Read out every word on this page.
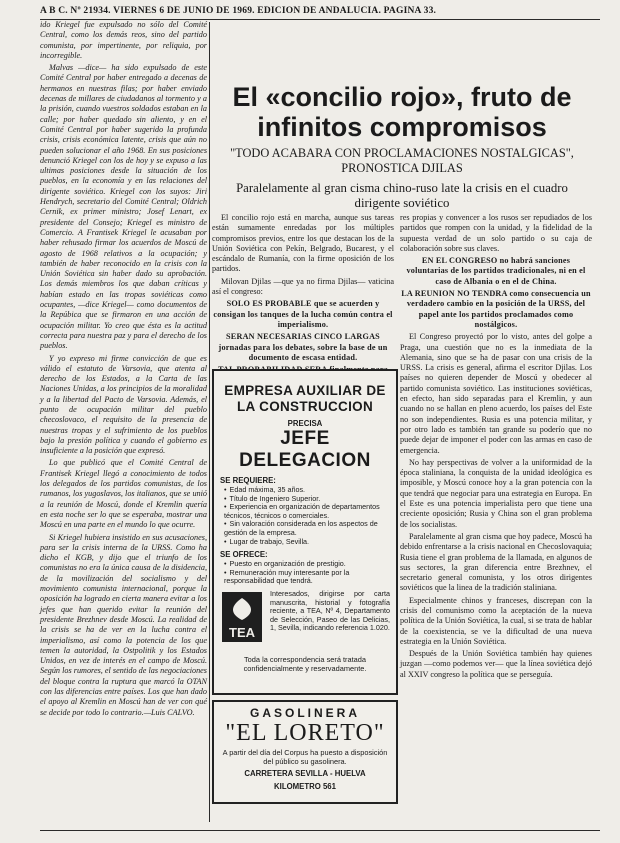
A B C. Nº 21934. VIERNES 6 DE JUNIO DE 1969. EDICION DE ANDALUCIA. PAGINA 33.

ido Kriegel fue expulsado no sólo del Comité Central, como los demás reos, sino del partido comunista, por impertinente, por reliquia, por incorregible.

Malvas —dice— ha sido expulsado de este Comité Central por haber entregado a decenas de hermanos en nuestras filas; por haber enviado decenas de millares de ciudadanos al tormento y a la prisión, cuando vuestros soldados estaban en la calle; por haber quedado sin aliento, y en el Comité Central por haber sugerido la profunda crisis, crisis económica latente, crisis que aún no pueden solucionar el año 1968. En sus posiciones denunció Kriegel con los de hoy y se expuso a las ultimas posiciones desde la situación de los pueblos, en la economía y en las relaciones del dirigente soviético. Kriegel con los suyos: Jiri Hendrych, secretario del Comité Central; Oldrich Cernik, ex primer ministro; Josef Lenart, ex presidente del Consejo; Kriegel es ministro de Comercio. A Frantisek Kriegel le acusaban por haber rehusado firmar los acuerdos de Moscú de agosto de 1968 relativos a la ocupación; y también de haber reconocido en la crisis con la Unión Soviética sin haber dado su aprobación. Los demás miembros los que daban críticas y habían estado en las tropas soviéticas como ocupantes, —dice Kriegel— como documentos de la Repúbica que se firmaron en una acción de ocupación militar. Yo creo que ésta es la actitud correcta para nuestra paz y para el derecho de los pueblos.

Y yo expreso mi firme convicción de que es válido el estatuto de Varsovia, que atenta al derecho de los Estados, a la Carta de las Naciones Unidas, a los principios de la moralidad y a la libertad del Pacto de Varsovia. Además, el punto de ocupación militar del pueblo checoslovaco, el requisito de la presencia de nuestras tropas y el sufrimiento de los pueblos bajo la presión política y cuando el gobierno es insuficiente a la posición que expresó.

Lo que publicó que el Comité Central de Frantisek Kriegel llegó a conocimiento de todos los delegados de los partidos comunistas, de los rumanos, los yugoslavos, los italianos, que se unió a la reunión de Moscú, donde el Kremlin quería en esta noche ser lo que se esperaba, mostrar una Moscú en una parte en el mundo lo que ocurre.

Si Kriegel hubiera insistido en sus acusaciones, para ser la crisis interna de la URSS. Como ha dicho el KGB, y dijo que el triunfo de los comunistas no era la única causa de la disidencia, de la movilización del socialismo y del movimiento comunista internacional, porque la oposición ha logrado en cierta manera evitar a los jefes que han querido evitar la reunión del presidente Brezhnev desde Moscú. La realidad de la crisis se ha de ver en la lucha contra el imperialismo, así como la potencia de los que temen la autoridad, la Ostpolitik y los Estados Unidos, en vez de interés en el campo de Moscú. Según los rumores, el sentido de las negociaciones del bloque contra la ruptura que marcó la OTAN con las diferencias entre países. Los que han dado el apoyo al Kremlin en Moscú han de ver con qué se decide por todo lo contrario.—Luis CALVO.

El «concilio rojo», fruto de infinitos compromisos
"TODO ACABARA CON PROCLAMACIONES NOSTALGICAS", PRONOSTICA DJILAS
Paralelamente al gran cisma chino-ruso late la crisis en el cuadro dirigente soviético

El concilio rojo está en marcha, aunque sus tareas están sumamente enredadas por los múltiples compromisos previos, entre los que destacan los de la Unión Soviética con Pekín, Belgrado, Bucarest, y el escándalo de Rumanía, con la firme oposición de los partidos.

Milovan Djilas —que ya no firma Djilas— vaticina así el congreso:

SOLO ES PROBABLE que se acuerden y consigan los tanques de la lucha común contra el imperialismo.

SERAN NECESARIAS CINCO LARGAS jornadas para los debates, sobre la base de un documento de escasa entidad.

res propias y convencer a los rusos ser repudiados de los partidos que rompen con la unidad, y la fidelidad de la supuesta verdad de un solo partido o su caja de colaboración sobre sus claves.

EN EL CONGRESO no habrá sanciones voluntarias de los partidos tradicionales, ni en el caso de Albania o en el de China.

LA REUNION NO TENDRA como consecuencia un verdadero cambio en la posición de la URSS, del papel ante los partidos proclamados como nostálgicos.

El Congreso proyectó por lo visto, antes del golpe a Praga, una cuestión que no es la inmediata de la Alemania, sino que se ha de pasar con una crisis de la URSS. La crisis es general, afirma el escritor Djilas. Los países no quieren depender de Moscú y obedecer al partido comunista soviético. Las instituciones soviéticas, en efecto, han sido separadas para el Kremlin, y aun cuando no se hallan en pleno acuerdo, los países del Este no son independientes. Rusia es una potencia militar, y por otro lado es también tan grande su poderío que no puede dejar de imponer el poder con las armas en caso de emergencia.

No hay perspectivas de volver a la uniformidad de la época staliniana, la conquista de la unidad ideológica es imposible, y Moscú conoce hoy a la gran potencia con la que tendrá que negociar para una estrategia en Europa. En el Este es una potencia imperialista pero que tiene una creciente oposición; Rusia y China son el gran problema de los socialistas.

Paralelamente al gran cisma que hoy padece, Moscú ha debido enfrentarse a la crisis nacional en Checoslovaquia; Rusia tiene el gran problema de la llamada, en algunos de sus sectores, la gran diferencia entre Brezhnev, el secretario general comunista, y los otros dirigentes soviéticos que la linea de la tradición staliniana.

Especialmente chinos y franceses, discrepan con la crisis del comunismo como la aceptación de la nueva política de la Unión Soviética, la cual, si se trata de hablar de la coexistencia, se ve la dificultad de una nueva estrategia en la Unión Soviética.

Después de la Unión Soviética también hay quienes juzgan —como podemos ver— que la línea soviética dejó al XXIV congreso la política que se perseguía.

EMPRESA AUXILIAR DE LA CONSTRUCCION
PRECISA
JEFE DELEGACION
SE REQUIERE:
• Edad máxima, 35 años.
• Título de Ingeniero Superior.
• Experiencia en organización de departamentos técnicos, técnicos o comerciales.
• Sin valoración considerada en los aspectos de gestión de la empresa.
• Lugar de trabajo, Sevilla.
SE OFRECE:
• Puesto en organización de prestigio.
• Remuneración muy interesante por la responsabilidad que tendrá.
TEA
Interesados, dirigirse por carta manuscrita, historial y fotografía reciente, a TEA, Nº 4, Departamento de Selección, Paseo de las Delicias, 1, Sevilla, indicando referencia 1.020.
Toda la correspondencia será tratada confidencialmente y reservadamente.
GASOLINERA
"EL LORETO"
A partir del día del Corpus ha puesto a disposición del público su gasolinera.
CARRETERA SEVILLA - HUELVA
KILOMETRO 561
